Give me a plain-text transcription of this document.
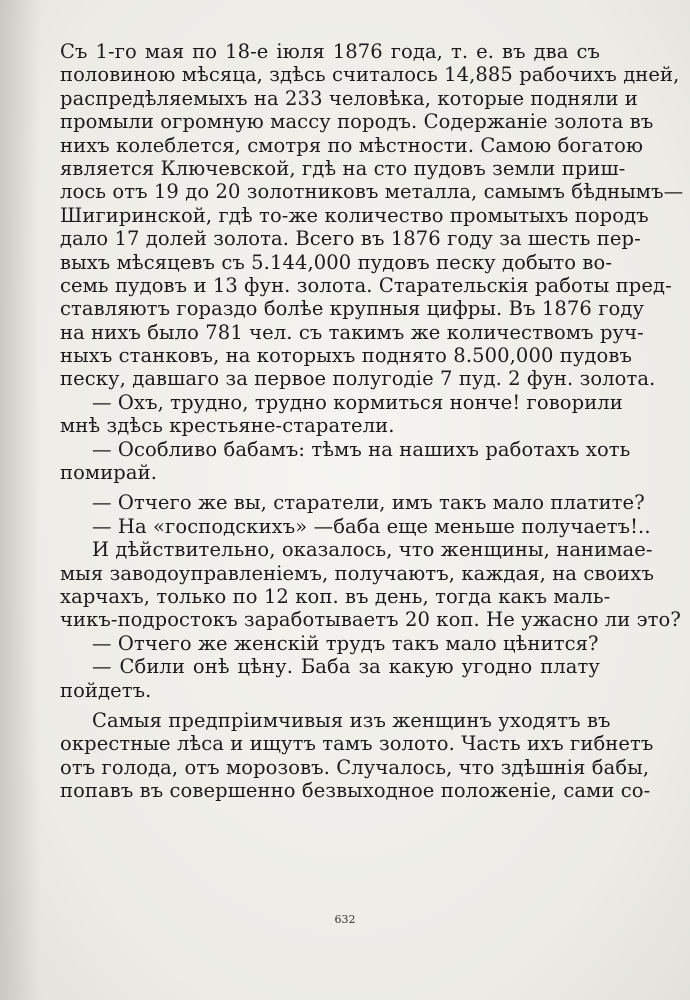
Съ 1-го мая по 18-е іюля 1876 года, т. е. въ два съ
половиною мѣсяца, здѣсь считалось 14,885 рабочихъ дней,
распредѣляемыхъ на 233 человѣка, которые подняли и
промыли огромную массу породъ. Содержаніе золота въ
нихъ колеблется, смотря по мѣстности. Самою богатою
является Ключевской, гдѣ на сто пудовъ земли приш-
лось отъ 19 до 20 золотниковъ металла, самымъ бѣднымъ—
Шигиринской, гдѣ то-же количество промытыхъ породъ
дало 17 долей золота. Всего въ 1876 году за шесть пер-
выхъ мѣсяцевъ съ 5.144,000 пудовъ песку добыто во-
семь пудовъ и 13 фун. золота. Старательскія работы пред-
ставляютъ гораздо болѣе крупныя цифры. Въ 1876 году
на нихъ было 781 чел. съ такимъ же количествомъ руч-
ныхъ станковъ, на которыхъ поднято 8.500,000 пудовъ
песку, давшаго за первое полугодіе 7 пуд. 2 фун. золота.
— Охъ, трудно, трудно кормиться нонче! говорили
мнѣ здѣсь крестьяне-старатели.
— Особливо бабамъ: тѣмъ на нашихъ работахъ хоть
помирай.
— Отчего же вы, старатели, имъ такъ мало платите?
— На «господскихъ» —баба еще меньше получаетъ!..
И дѣйствительно, оказалось, что женщины, нанимае-
мыя заводоуправленіемъ, получаютъ, каждая, на своихъ
харчахъ, только по 12 коп. въ день, тогда какъ маль-
чикъ-подростокъ заработываетъ 20 коп. Не ужасно ли это?
— Отчего же женскій трудъ такъ мало цѣнится?
— Сбили онѣ цѣну. Баба за какую угодно плату
пойдетъ.
Самыя предпріимчивыя изъ женщинъ уходятъ въ
окрестные лѣса и ищутъ тамъ золото. Часть ихъ гибнетъ
отъ голода, отъ морозовъ. Случалось, что здѣшнія бабы,
попавъ въ совершенно безвыходное положеніе, сами со-
632
